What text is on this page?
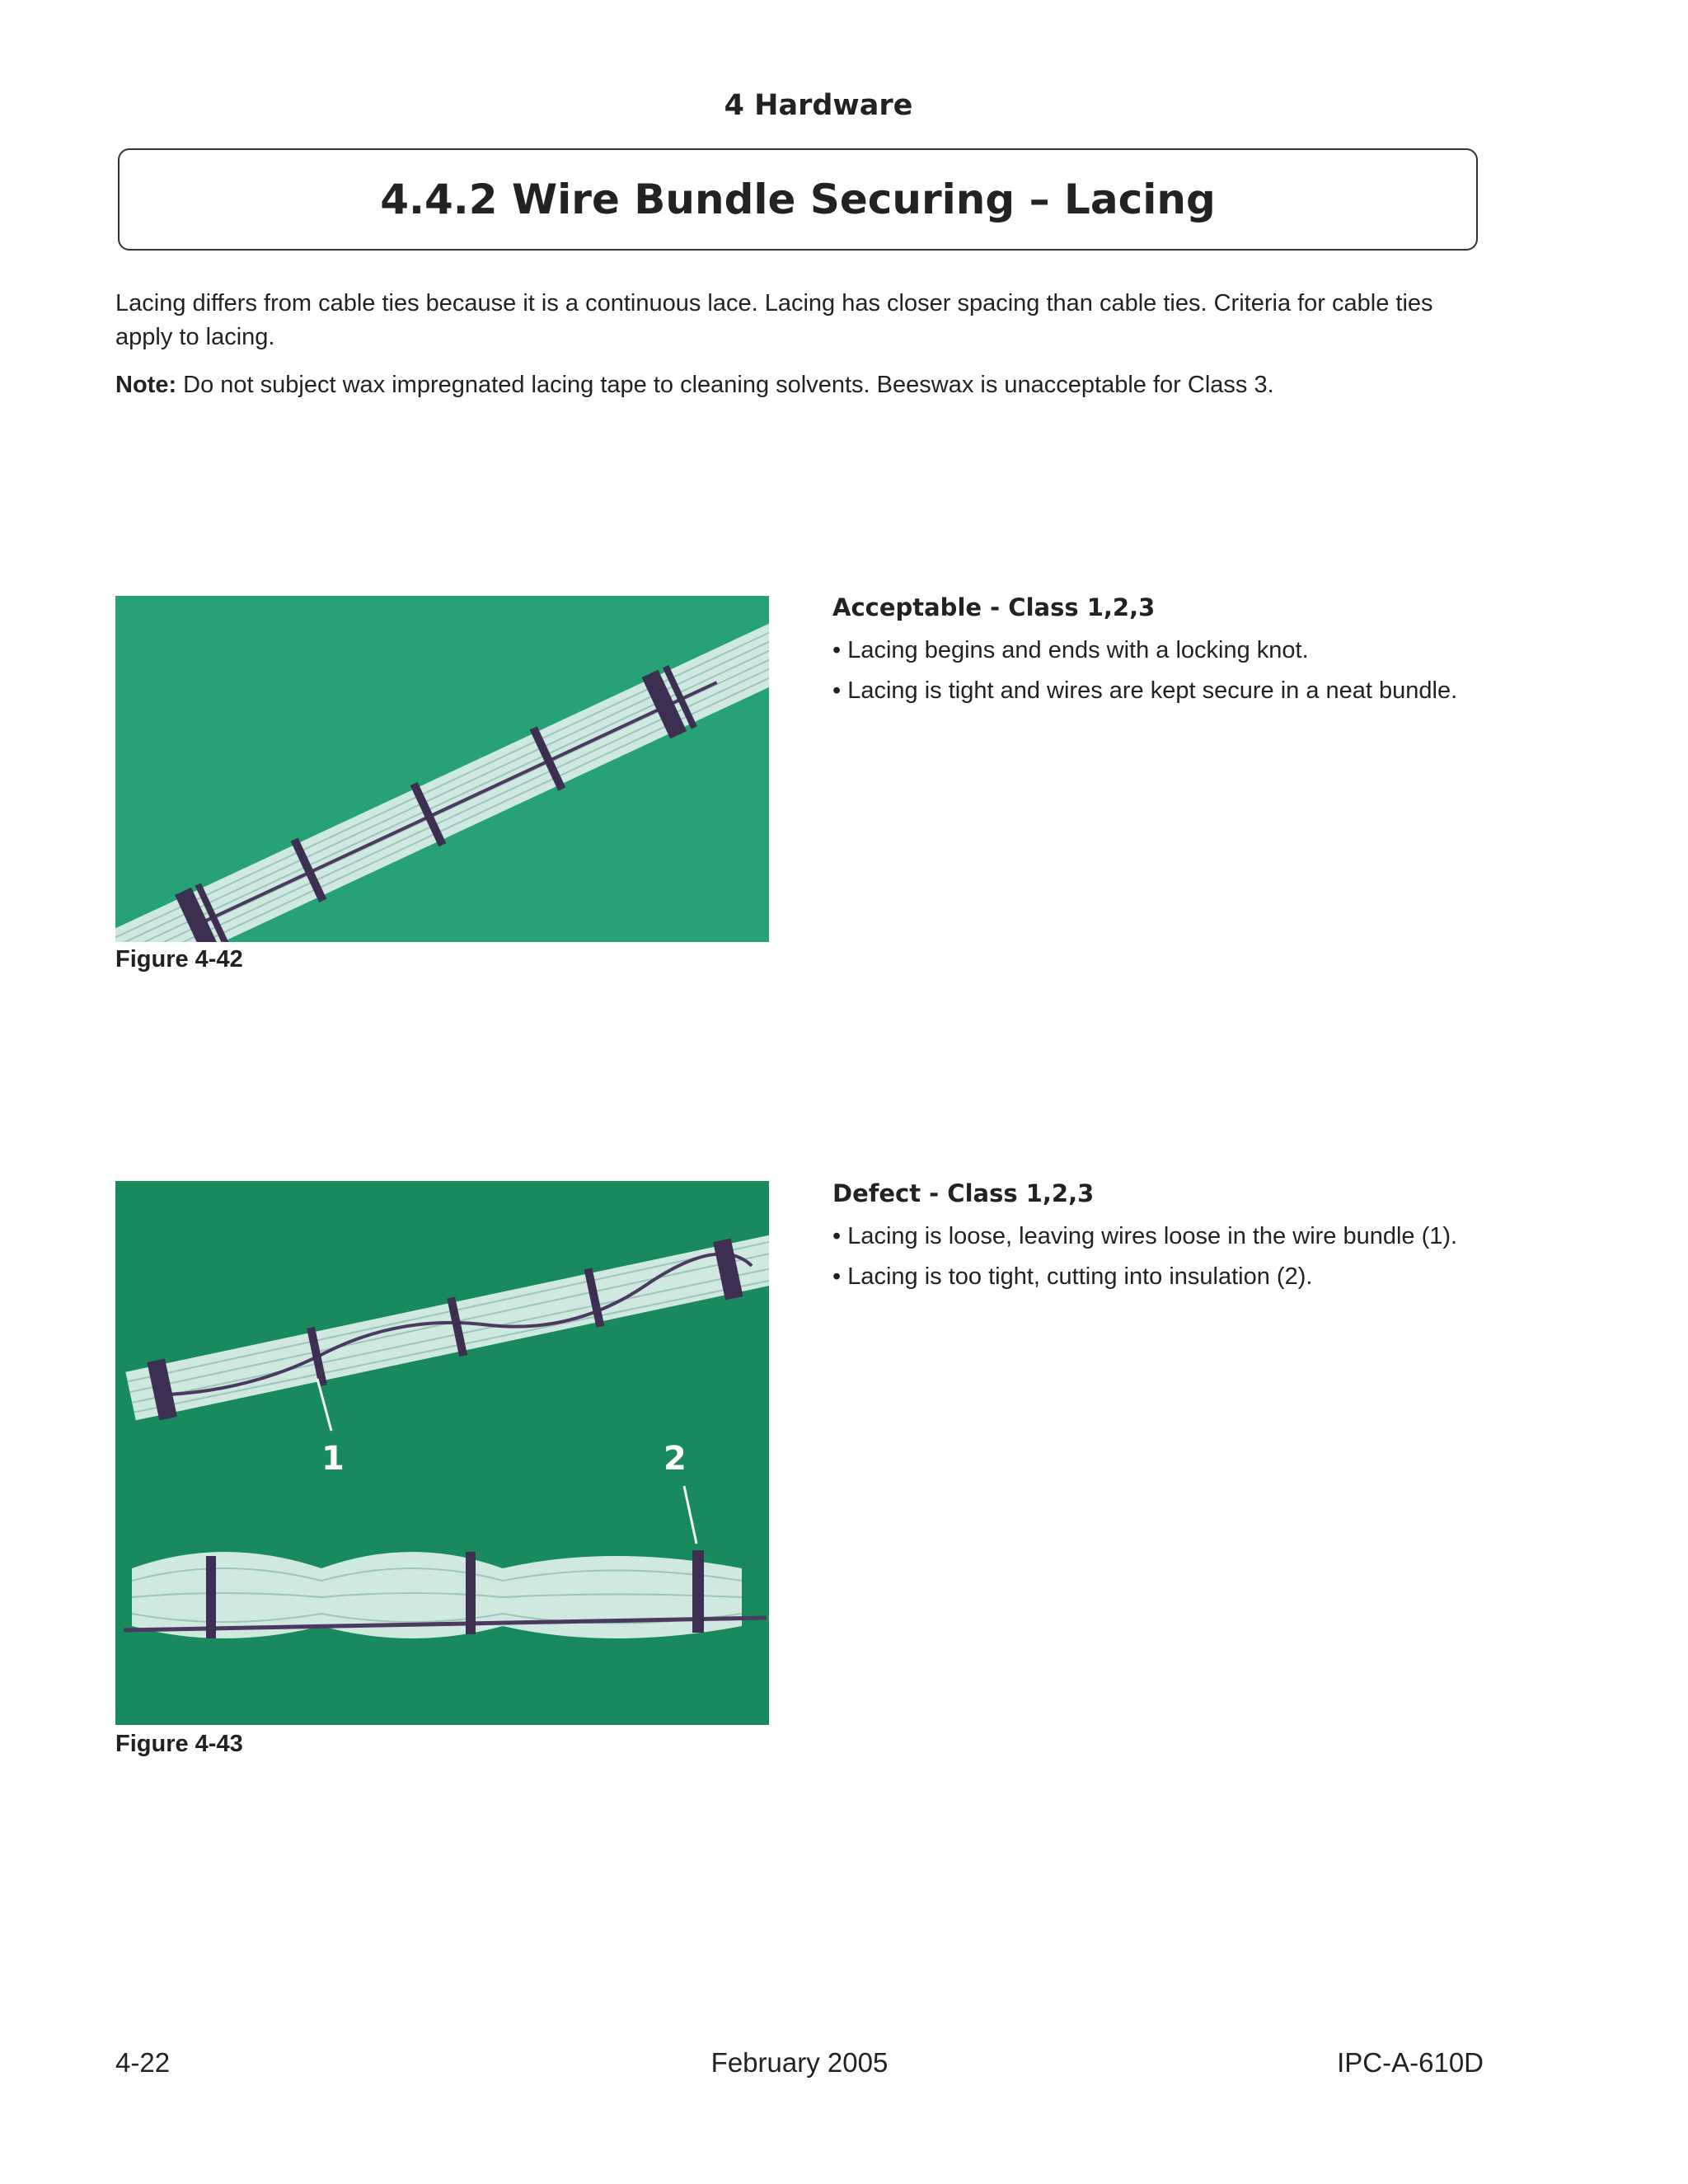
4 Hardware
4.4.2 Wire Bundle Securing – Lacing
Lacing differs from cable ties because it is a continuous lace. Lacing has closer spacing than cable ties. Criteria for cable ties apply to lacing.
Note: Do not subject wax impregnated lacing tape to cleaning solvents. Beeswax is unacceptable for Class 3.
Figure 4-42
Acceptable - Class 1,2,3
• Lacing begins and ends with a locking knot.
• Lacing is tight and wires are kept secure in a neat bundle.
1	2
Figure 4-43
Defect - Class 1,2,3
• Lacing is loose, leaving wires loose in the wire bundle (1).
• Lacing is too tight, cutting into insulation (2).
4-22	February 2005	IPC-A-610D
